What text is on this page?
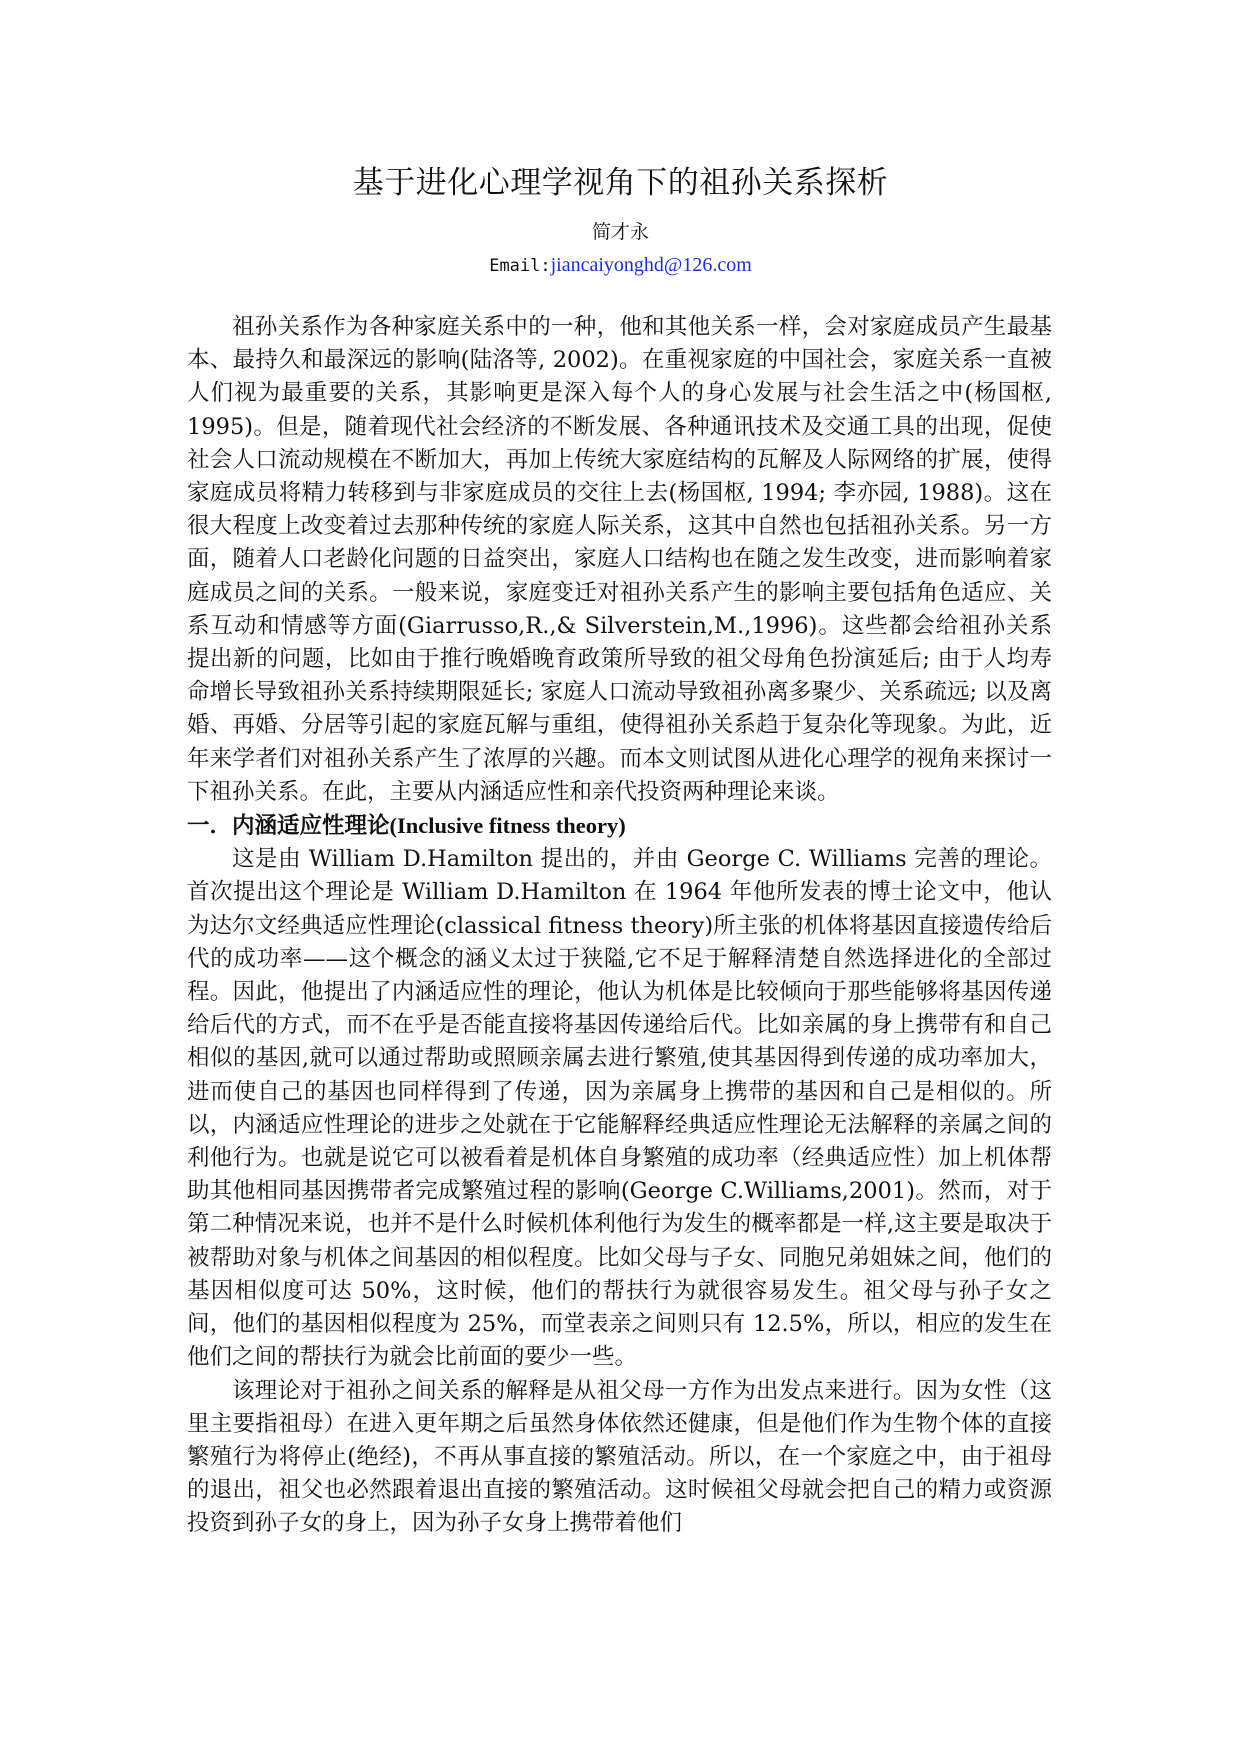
基于进化心理学视角下的祖孙关系探析
简才永
Email:jiancaiyonghd@126.com

祖孙关系作为各种家庭关系中的一种，他和其他关系一样，会对家庭成员产生最基本、最持久和最深远的影响(陆洛等, 2002)。在重视家庭的中国社会，家庭关系一直被人们视为最重要的关系，其影响更是深入每个人的身心发展与社会生活之中(杨国枢, 1995)。但是，随着现代社会经济的不断发展、各种通讯技术及交通工具的出现，促使社会人口流动规模在不断加大，再加上传统大家庭结构的瓦解及人际网络的扩展，使得家庭成员将精力转移到与非家庭成员的交往上去(杨国枢, 1994; 李亦园, 1988)。这在很大程度上改变着过去那种传统的家庭人际关系，这其中自然也包括祖孙关系。另一方面，随着人口老龄化问题的日益突出，家庭人口结构也在随之发生改变，进而影响着家庭成员之间的关系。一般来说，家庭变迁对祖孙关系产生的影响主要包括角色适应、关系互动和情感等方面(Giarrusso,R.,& Silverstein,M.,1996)。这些都会给祖孙关系提出新的问题，比如由于推行晚婚晚育政策所导致的祖父母角色扮演延后; 由于人均寿命增长导致祖孙关系持续期限延长; 家庭人口流动导致祖孙离多聚少、关系疏远; 以及离婚、再婚、分居等引起的家庭瓦解与重组，使得祖孙关系趋于复杂化等现象。为此，近年来学者们对祖孙关系产生了浓厚的兴趣。而本文则试图从进化心理学的视角来探讨一下祖孙关系。在此，主要从内涵适应性和亲代投资两种理论来谈。

一．内涵适应性理论(Inclusive fitness theory)

这是由 William D.Hamilton 提出的，并由 George C. Williams 完善的理论。首次提出这个理论是 William D.Hamilton 在 1964 年他所发表的博士论文中，他认为达尔文经典适应性理论(classical fitness theory)所主张的机体将基因直接遗传给后代的成功率——这个概念的涵义太过于狭隘,它不足于解释清楚自然选择进化的全部过程。因此，他提出了内涵适应性的理论，他认为机体是比较倾向于那些能够将基因传递给后代的方式，而不在乎是否能直接将基因传递给后代。比如亲属的身上携带有和自己相似的基因,就可以通过帮助或照顾亲属去进行繁殖,使其基因得到传递的成功率加大，进而使自己的基因也同样得到了传递，因为亲属身上携带的基因和自己是相似的。所以，内涵适应性理论的进步之处就在于它能解释经典适应性理论无法解释的亲属之间的利他行为。也就是说它可以被看着是机体自身繁殖的成功率（经典适应性）加上机体帮助其他相同基因携带者完成繁殖过程的影响(George C.Williams,2001)。然而，对于第二种情况来说，也并不是什么时候机体利他行为发生的概率都是一样,这主要是取决于被帮助对象与机体之间基因的相似程度。比如父母与子女、同胞兄弟姐妹之间，他们的基因相似度可达 50%，这时候，他们的帮扶行为就很容易发生。祖父母与孙子女之间，他们的基因相似程度为 25%，而堂表亲之间则只有 12.5%，所以，相应的发生在他们之间的帮扶行为就会比前面的要少一些。

该理论对于祖孙之间关系的解释是从祖父母一方作为出发点来进行。因为女性（这里主要指祖母）在进入更年期之后虽然身体依然还健康，但是他们作为生物个体的直接繁殖行为将停止(绝经)，不再从事直接的繁殖活动。所以，在一个家庭之中，由于祖母的退出，祖父也必然跟着退出直接的繁殖活动。这时候祖父母就会把自己的精力或资源投资到孙子女的身上，因为孙子女身上携带着他们
